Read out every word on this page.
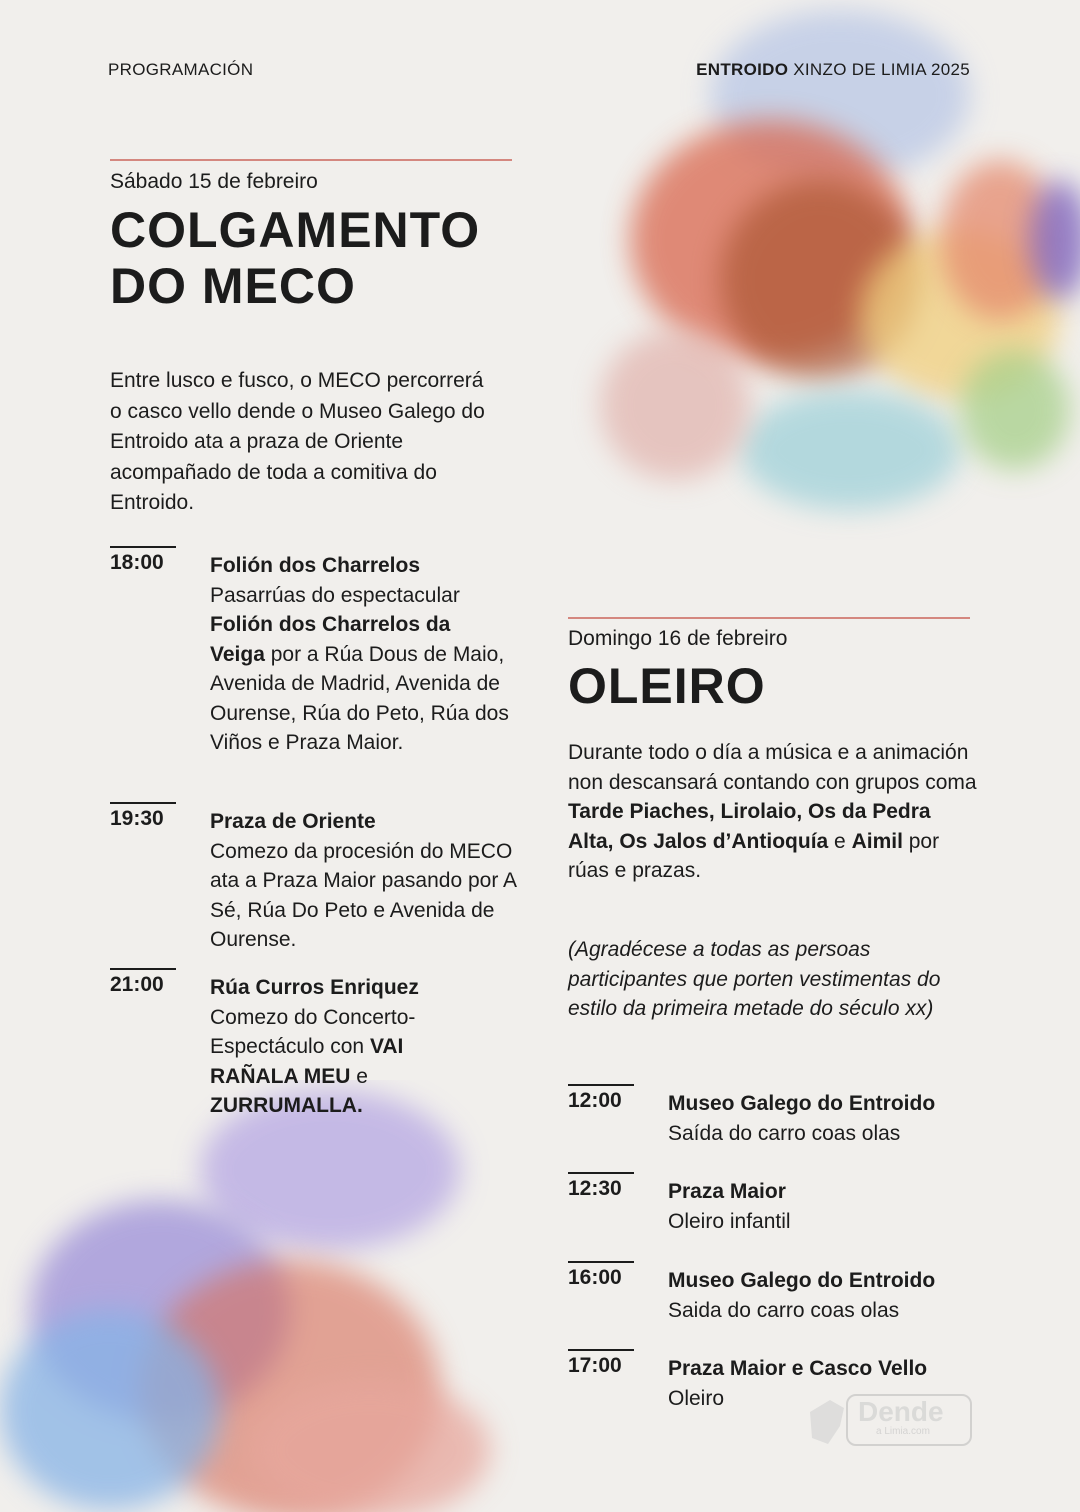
PROGRAMACIÓN	ENTROIDO XINZO DE LIMIA 2025
Sábado 15 de febreiro
COLGAMENTO
DO MECO
Entre lusco e fusco, o MECO percorrerá o casco vello dende o Museo Galego do Entroido ata a praza de Oriente acompañado de toda a comitiva do Entroido.
18:00 Folión dos Charrelos
Pasarrúas do espectacular Folión dos Charrelos da Veiga por a Rúa Dous de Maio, Avenida de Madrid, Avenida de Ourense, Rúa do Peto, Rúa dos Viños e Praza Maior.
19:30 Praza de Oriente
Comezo da procesión do MECO ata a Praza Maior pasando por A Sé, Rúa Do Peto e Avenida de Ourense.
21:00 Rúa Curros Enriquez
Comezo do Concerto-Espectáculo con VAI RAÑALA MEU e ZURRUMALLA.
Domingo 16 de febreiro
OLEIRO
Durante todo o día a música e a animación non descansará contando con grupos coma Tarde Piaches, Lirolaio, Os da Pedra Alta, Os Jalos d’Antioquía e Aimil por rúas e prazas.
(Agradécese a todas as persoas participantes que porten vestimentas do estilo da primeira metade do século xx)
12:00 Museo Galego do Entroido
Saída do carro coas olas
12:30 Praza Maior
Oleiro infantil
16:00 Museo Galego do Entroido
Saida do carro coas olas
17:00 Praza Maior e Casco Vello
Oleiro	Dende
a Limia.com
